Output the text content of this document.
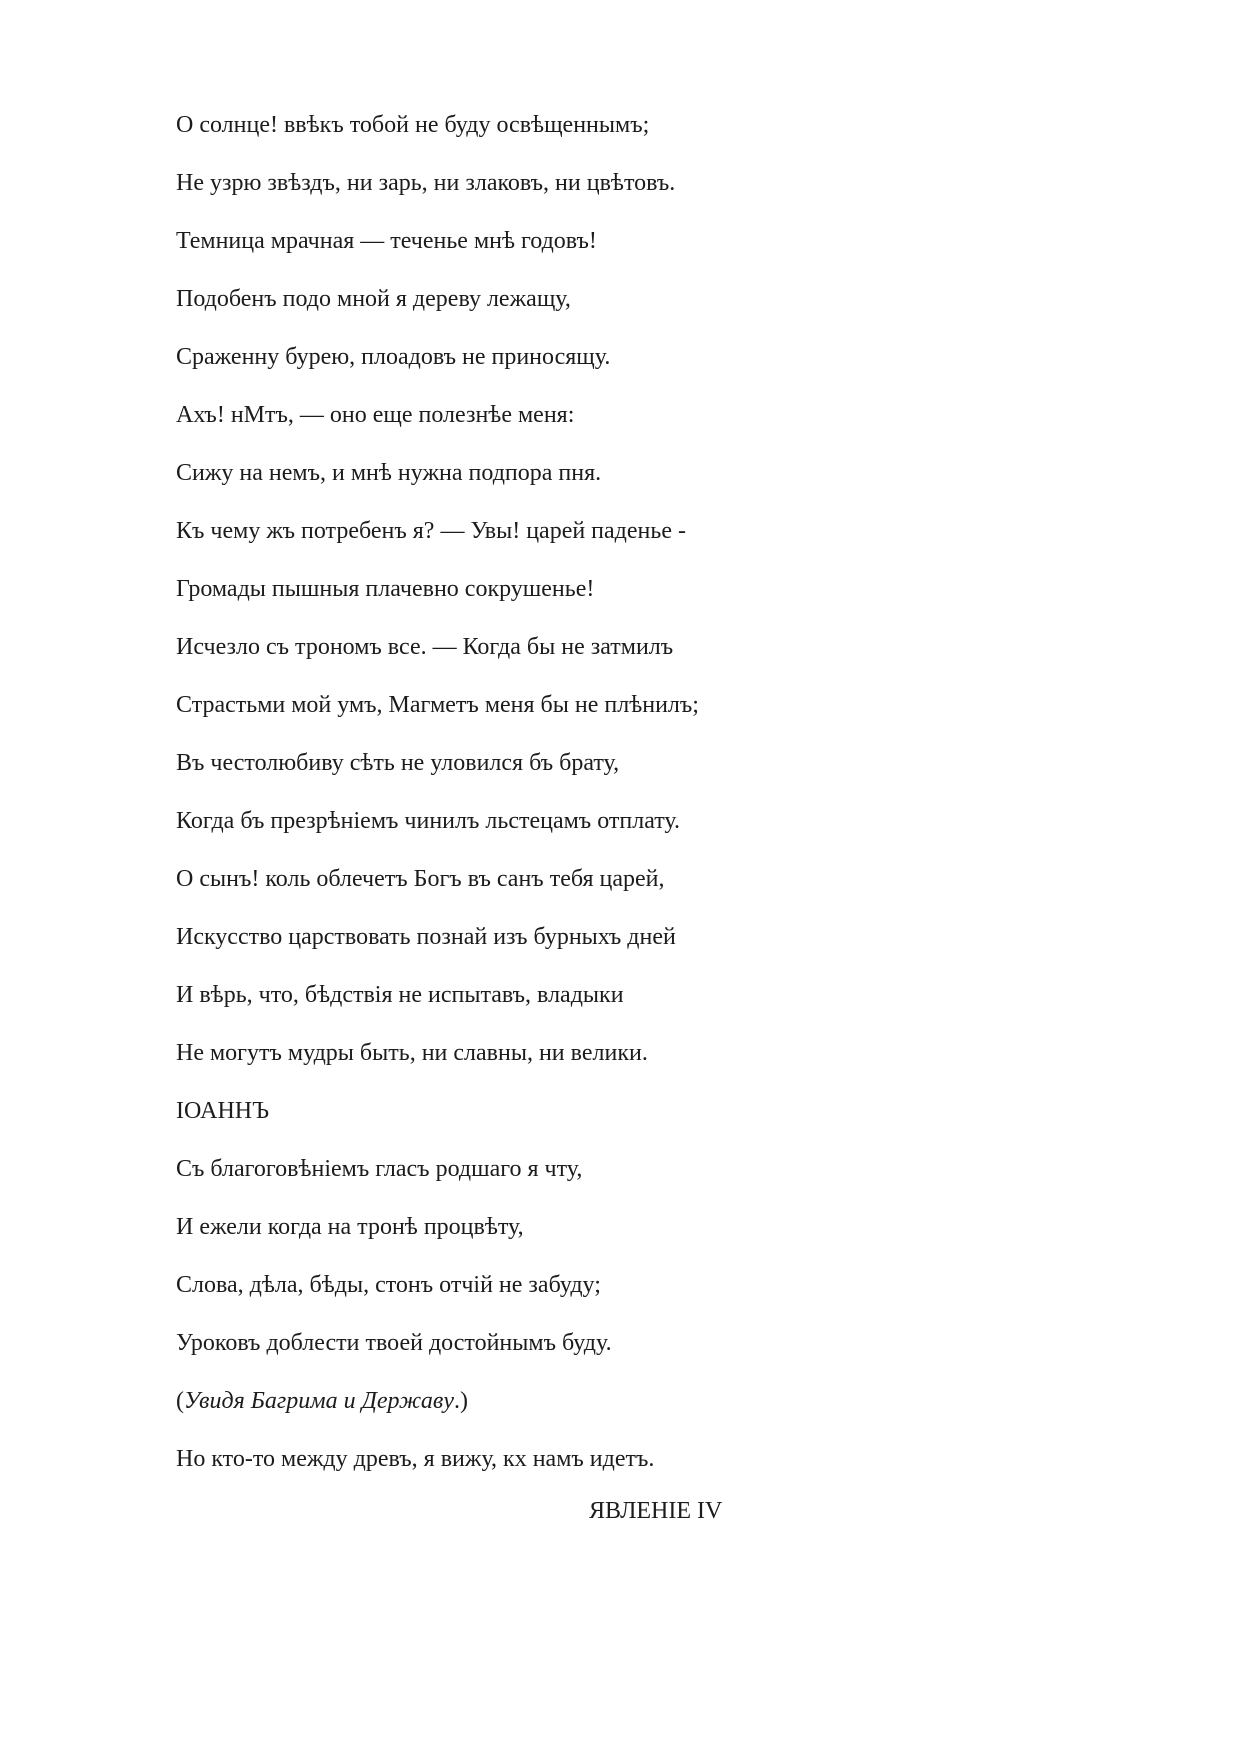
О солнце! ввѣкъ тобой не буду освѣщеннымъ;
Не узрю звѣздъ, ни зарь, ни злаковъ, ни цвѣтовъ.
Темница мрачная — теченье мнѣ годовъ!
Подобенъ подо мной я дереву лежащу,
Сраженну бурею, плоадовъ не приносящу.
Ахъ! нМтъ, — оно еще полезнѣе меня:
Сижу на немъ, и мнѣ нужна подпора пня.
Къ чему жъ потребенъ я? — Увы! царей паденье -
Громады пышныя плачевно сокрушенье!
Исчезло съ трономъ все. — Когда бы не затмилъ
Страстьми мой умъ, Магметъ меня бы не плѣнилъ;
Въ честолюбиву сѣть не уловился бъ брату,
Когда бъ презрѣніемъ чинилъ льстецамъ отплату.
О сынъ! коль облечетъ Богъ въ санъ тебя царей,
Искусство царствовать познай изъ бурныхъ дней
И вѣрь, что, бѣдствія не испытавъ, владыки
Не могутъ мудры быть, ни славны, ни велики.
ІОАННЪ
Съ благоговѣніемъ гласъ родшаго я чту,
И ежели когда на тронѣ процвѣту,
Слова, дѣла, бѣды, стонъ отчій не забуду;
Уроковъ доблести твоей достойнымъ буду.
(Увидя Багрима и Державу.)
Но кто-то между древъ, я вижу, кх намъ идетъ.
ЯВЛЕНІЕ IV
